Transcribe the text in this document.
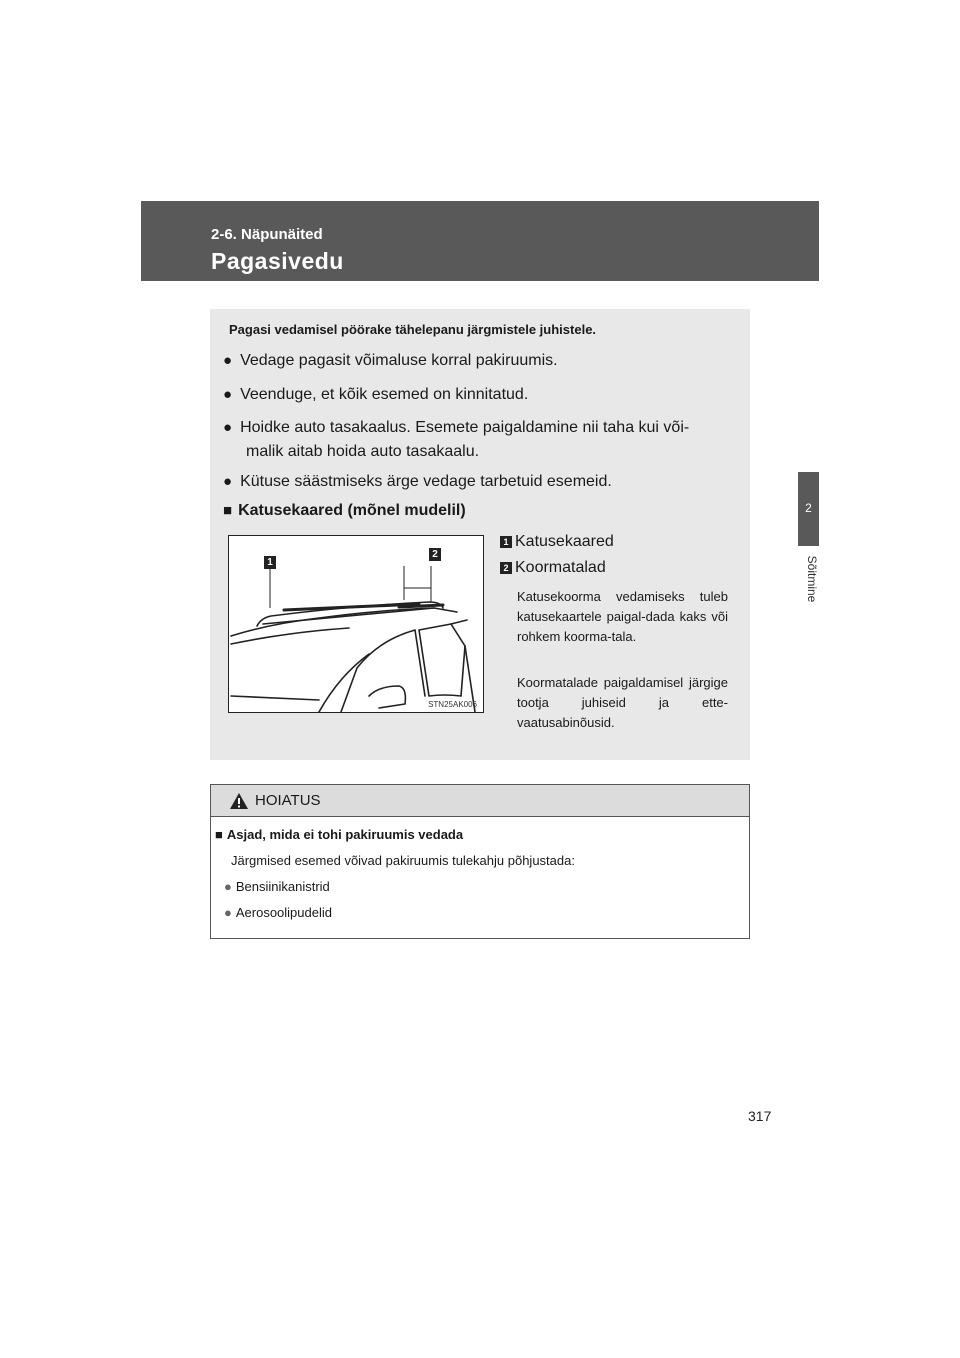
2-6. Näpunäited
Pagasivedu
2
Sõitmine
Pagasi vedamisel pöörake tähelepanu järgmistele juhistele.
● Vedage pagasit võimaluse korral pakiruumis.
● Veenduge, et kõik esemed on kinnitatud.
● Hoidke auto tasakaalus. Esemete paigaldamine nii taha kui või-
malik aitab hoida auto tasakaalu.
● Kütuse säästmiseks ärge vedage tarbetuid esemeid.
■ Katusekaared (mõnel mudelil)
1
2
STN25AK006
1 Katusekaared
2 Koormatalad
Katusekoorma vedamiseks tuleb katusekaartele paigal-dada kaks või rohkem koorma-tala.
Koormatalade paigaldamisel järgige tootja juhiseid ja ette-vaatusabinõusid.
HOIATUS
■ Asjad, mida ei tohi pakiruumis vedada
Järgmised esemed võivad pakiruumis tulekahju põhjustada:
● Bensiinikanistrid
● Aerosoolipudelid
317
